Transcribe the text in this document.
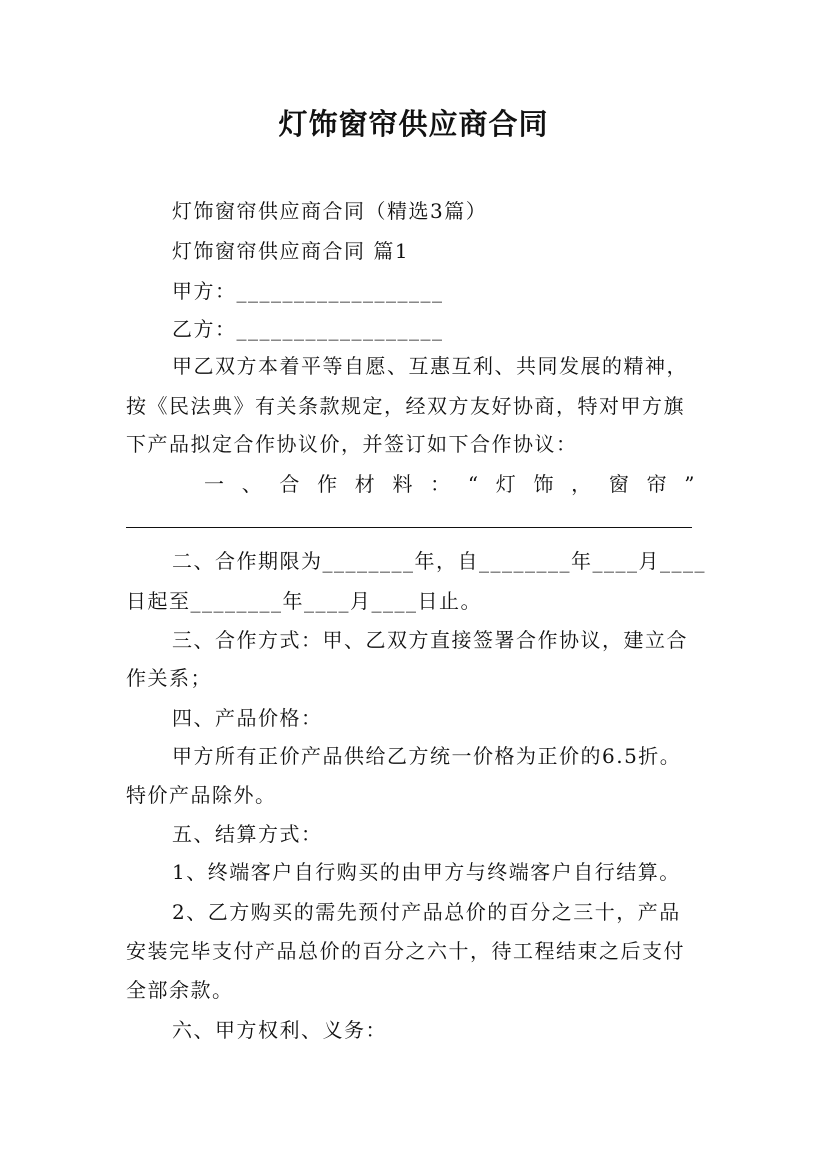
灯饰窗帘供应商合同
灯饰窗帘供应商合同（精选3篇）
灯饰窗帘供应商合同 篇1
甲方：__________________
乙方：__________________
甲乙双方本着平等自愿、互惠互利、共同发展的精神，
按《民法典》有关条款规定，经双方友好协商，特对甲方旗
下产品拟定合作协议价，并签订如下合作协议：
一、合作材料：“灯饰，窗帘”
二、合作期限为________年，自________年____月____
日起至________年____月____日止。
三、合作方式：甲、乙双方直接签署合作协议，建立合
作关系；
四、产品价格：
甲方所有正价产品供给乙方统一价格为正价的6.5折。
特价产品除外。
五、结算方式：
1、终端客户自行购买的由甲方与终端客户自行结算。
2、乙方购买的需先预付产品总价的百分之三十，产品
安装完毕支付产品总价的百分之六十，待工程结束之后支付
全部余款。
六、甲方权利、义务：
